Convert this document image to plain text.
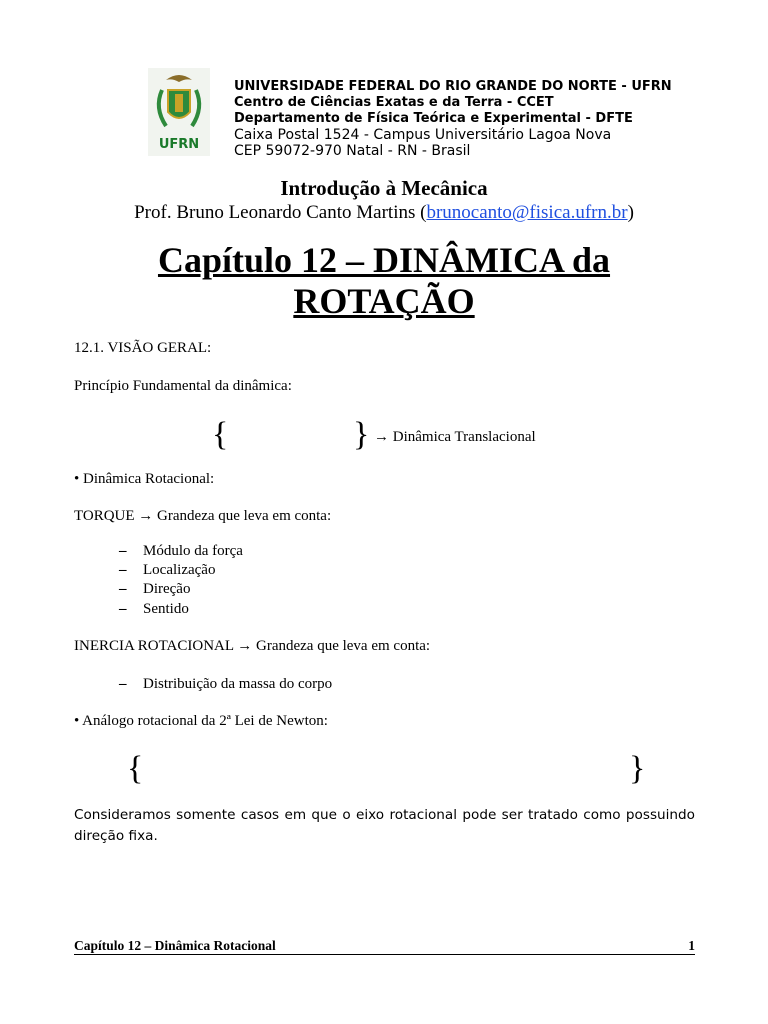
UFRN
UNIVERSIDADE FEDERAL DO RIO GRANDE DO NORTE - UFRN
Centro de Ciências Exatas e da Terra - CCET
Departamento de Física Teórica e Experimental - DFTE
Caixa Postal 1524 - Campus Universitário Lagoa Nova
CEP 59072-970 Natal - RN - Brasil
Introdução à Mecânica
Prof. Bruno Leonardo Canto Martins (brunocanto@fisica.ufrn.br)
Capítulo 12 – DINÂMICA da
ROTAÇÃO
12.1. VISÃO GERAL:
Princípio Fundamental da dinâmica:
{	} → Dinâmica Translacional
• Dinâmica Rotacional:
TORQUE → Grandeza que leva em conta:
– Módulo da força
– Localização
– Direção
– Sentido
INERCIA ROTACIONAL → Grandeza que leva em conta:
– Distribuição da massa do corpo
• Análogo rotacional da 2ª Lei de Newton:
{	}
Consideramos somente casos em que o eixo rotacional pode ser tratado como possuindo direção fixa.
Capítulo 12 – Dinâmica Rotacional	1
